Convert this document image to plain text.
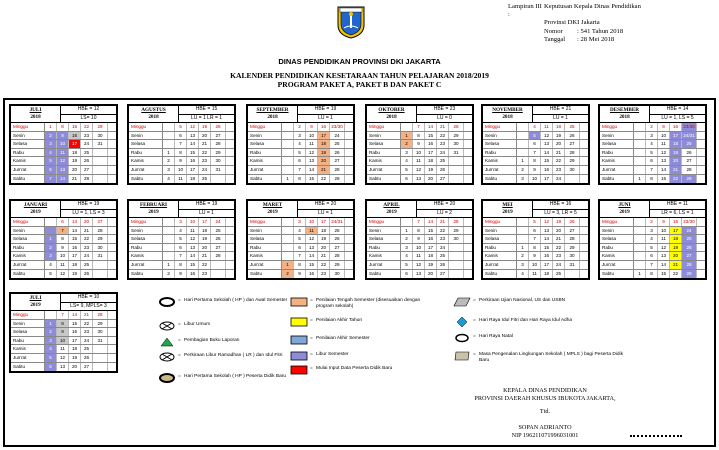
Lampiran III :
Keputusan Kepala Dinas Pendidikan
Provinsi DKI Jakarta
Nomor	: 541 Tahun 2018
Tanggal	: 28 Mei 2018
DINAS PENDIDIKAN PROVINSI DKI JAKARTA
KALENDER PENDIDIKAN KESETARAAN TAHUN PELAJARAN 2018/2019
PROGRAM PAKET A, PAKET B DAN PAKET C
JULI
2018
HBE = 12
LS= 10
Minggu	1	8	15	22	29
Senin	2	9	16	23	30
Selasa	3	10	17	24	31
Rabu	4	11	18	25
Kamis	5	12	19	26
Jum'at	6	13	20	27
Sabtu	7	14	21	28
AGUSTUS
2018
HBE = 15
LU = 1 LR = 1
Minggu	5	12	19	26
Senin	6	13	20	27
Selasa	7	14	21	28
Rabu	1	8	15	22	29
Kamis	2	9	16	23	30
Jum'at	3	10	17	24	31
Sabtu	4	11	18	25
SEPTEMBER
2018
HBE = 19
LU = 1
Minggu	2	9	16	23/30
Senin	3	10	17	24
Selasa	4	11	18	25
Rabu	5	12	19	26
Kamis	6	13	20	27
Jum'at	7	14	21	28
Sabtu	1	8	15	22	29
OKTOBER
2018
HBE = 23
LU = 0
Minggu	7	14	21	28
Senin	1	8	15	22	29
Selasa	2	9	16	23	30
Rabu	3	10	17	24	31
Kamis	4	11	18	25
Jum'at	5	12	19	26
Sabtu	6	13	20	27
NOVEMBER
2018
HBE = 21
LU = 1
Minggu	4	11	18	25
Senin	5	12	19	26
Selasa	6	13	20	27
Rabu	7	14	21	28
Kamis	1	8	15	22	29
Jum'at	2	9	16	23	30
Sabtu	3	10	17	24
DESEMBER
2018
HBE = 14
LU = 1, LS = 5
Minggu	2	9	16	23/30
Senin	3	10	17	24/31
Selasa	4	11	18	25
Rabu	5	12	19	26
Kamis	6	13	20	27
Jum'at	7	14	21	28
Sabtu	1	8	15	22	29
JANUARI
2019
HBE = 19
LU = 1, LS = 3
Minggu	6	13	20	27
Senin	7	14	21	28
Selasa	1	8	15	22	29
Rabu	2	9	16	23	30
Kamis	3	10	17	24	31
Jum'at	4	11	18	25
Sabtu	5	12	19	26
FEBRUARI
2019
HBE = 19
LU = 1
Minggu	3	10	17	24
Senin	4	11	18	25
Selasa	5	12	19	26
Rabu	6	13	20	27
Kamis	7	14	21	28
Jum'at	1	8	15	22
Sabtu	2	9	16	23
MARET
2019
HBE = 20
LU = 1
Minggu	3	10	17	24/31
Senin	4	11	18	25
Selasa	5	12	19	26
Rabu	6	13	20	27
Kamis	7	14	21	28
Jum'at	1	8	15	22	29
Sabtu	2	9	16	23	30
APRIL
2019
HBE = 20
LU = 2
Minggu	7	14	21	28
Senin	1	8	15	22	29
Selasa	2	9	16	23	30
Rabu	3	10	17	24
Kamis	4	11	18	25
Jum'at	5	12	19	26
Sabtu	6	13	20	27
MEI
2019
HBE = 16
LU = 3, LR = 5
Minggu	5	12	19	26
Senin	6	13	20	27
Selasa	7	14	21	28
Rabu	1	8	15	22	29
Kamis	2	9	16	23	30
Jum'at	3	10	17	24	31
Sabtu	4	11	18	25
JUNI
2019
HBE = 11
LR = 6, LS = 1
Minggu	2	9	16	23/30
Senin	3	10	17	24
Selasa	4	11	18	25
Rabu	5	12	19	26
Kamis	6	13	20	27
Jum'at	7	14	21	28
Sabtu	1	8	15	22	29
JULI
2019
HBE = 10
LS= 9, MPLS= 3
Minggu	7	14	21	28
Senin	1	8	15	22	29
Selasa	2	9	16	23	30
Rabu	3	10	17	24	31
Kamis	4	11	18	25
Jum'at	5	12	19	26
Sabtu	6	13	20	27
= Hari Pertama Sekolah ( HP ) dan Awal Semester
= Libur Umum
= Pembagian Buku Laporan
= Perkiraan Libur Ramadhan ( LR ) dan Idul Fitri
= Hari Pertama Sekolah ( HP ) Peserta Didik Baru
= Penilaian Tengah Semester (disesuaikan dengan program sekolah)
= Penilaian Akhir Tahun
= Penilaian Akhir Semester
= Libur Semester
= Mulai Input Data Peserta Didik Baru
= Perkiraan Ujian Nasional, US dan USBN
= Hari Raya Idul Fitri dan Hari Raya Idul Adha
= Hari Raya Natal
= Masa Pengenalan Lingkungan Sekolah ( MPLS ) bagi Peserta Didik Baru
KEPALA DINAS PENDIDIKAN
PROVINSI DAERAH KHUSUS IBUKOTA JAKARTA,
Ttd.
SOPAN ADRIANTO
NIP 196211071996031001
